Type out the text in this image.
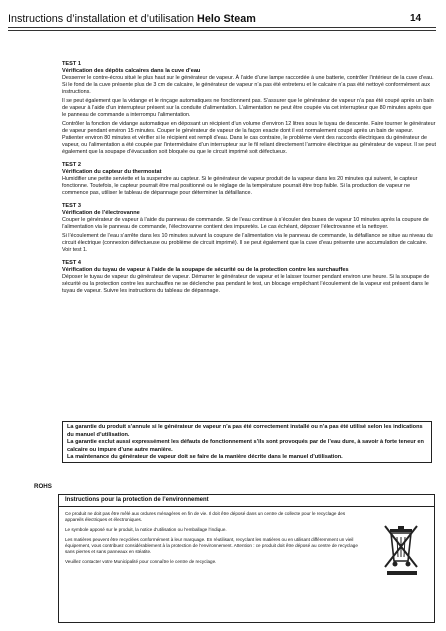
Instructions d’installation et d’utilisation Helo Steam	14
TEST 1
Vérification des dépôts calcaires dans la cuve d’eau

Desserrer le contre-écrou situé le plus haut sur le générateur de vapeur. À l’aide d’une lampe raccordée à une batterie, contrôler l’intérieur de la cuve d’eau. Si le fond de la cuve présente plus de 3 cm de calcaire, le générateur de vapeur n’a pas été entretenu et le calcaire n’a pas été nettoyé conformément aux instructions.

Il se peut également que la vidange et le rinçage automatiques ne fonctionnent pas. S’assurer que le générateur de vapeur n’a pas été coupé après un bain de vapeur à l’aide d’un interrupteur présent sur la conduite d’alimentation. L’alimentation ne peut être coupée via cet interrupteur que 80 minutes après que le panneau de commande a interrompu l’alimentation.

Contrôler la fonction de vidange automatique en déposant un récipient d’un volume d’environ 12 litres sous le tuyau de descente. Faire tourner le générateur de vapeur pendant environ 15 minutes. Couper le générateur de vapeur de la façon exacte dont il est normalement coupé après un bain de vapeur. Patienter environ 80 minutes et vérifier si le récipient est rempli d’eau. Dans le cas contraire, le problème vient des raccords électriques du générateur de vapeur, ou l’alimentation a été coupée par l’intermédiaire d’un interrupteur sur le fil reliant directement l’armoire électrique au générateur de vapeur. Il se peut également que la soupape d’évacuation soit bloquée ou que le circuit imprimé soit défectueux.

TEST 2
Vérification du capteur du thermostat

Humidifier une petite serviette et la suspendre au capteur. Si le générateur de vapeur produit de la vapeur dans les 20 minutes qui suivent, le capteur fonctionne. Toutefois, le capteur pourrait être mal positionné ou le réglage de la température pourrait être trop faible. Si la production de vapeur ne commence pas, utiliser le tableau de dépannage pour déterminer la défaillance.

TEST 3
Vérification de l’électrovanne

Couper le générateur de vapeur à l’aide du panneau de commande. Si de l’eau continue à s’écouler des buses de vapeur 10 minutes après la coupure de l’alimentation via le panneau de commande, l’électrovanne contient des impuretés. Le cas échéant, déposer l’électrovanne et la nettoyer.

Si l’écoulement de l’eau s’arrête dans les 10 minutes suivant la coupure de l’alimentation via le panneau de commande, la défaillance se situe au niveau du circuit électrique (connexion défectueuse ou problème de circuit imprimé). Il se peut également que la cuve d’eau présente une accumulation de calcaire. Voir test 1.

TEST 4
Vérification du tuyau de vapeur à l’aide de la soupape de sécurité ou de la protection contre les surchauffes

Déposer le tuyau de vapeur du générateur de vapeur. Démarrer le générateur de vapeur et le laisser tourner pendant environ une heure. Si la soupape de sécurité ou la protection contre les surchauffes ne se déclenche pas pendant le test, un blocage empêchant l’écoulement de la vapeur est présent dans le tuyau de vapeur. Suivre les instructions du tableau de dépannage.

La garantie du produit s’annule si le générateur de vapeur n’a pas été correctement installé ou n’a pas été utilisé selon les indications du manuel d’utilisation.

La garantie exclut aussi expressément les défauts de fonctionnement s’ils sont provoqués par de l’eau dure, à savoir à forte teneur en calcaire ou impure d’une autre manière.

La maintenance du générateur de vapeur doit se faire de la manière décrite dans le manuel d’utilisation.

ROHS
Instructions pour la protection de l’environnement

Ce produit ne doit pas être mêlé aux ordures ménagères en fin de vie. Il doit être déposé dans un centre de collecte pour le recyclage des appareils électriques et électroniques.

Le symbole apposé sur le produit, la notice d’utilisation ou l’emballage l’indique.

Les matières peuvent être recyclées conformément à leur marquage. En réutilisant, recyclant les matières ou en utilisant différemment un vieil équipement, vous contribuez considérablement à la protection de l’environnement. Attention : ce produit doit être déposé au centre de recyclage sans pierres et sans panneaux en stéatite.

Veuillez contacter votre Municipalité pour connaître le centre de recyclage.
